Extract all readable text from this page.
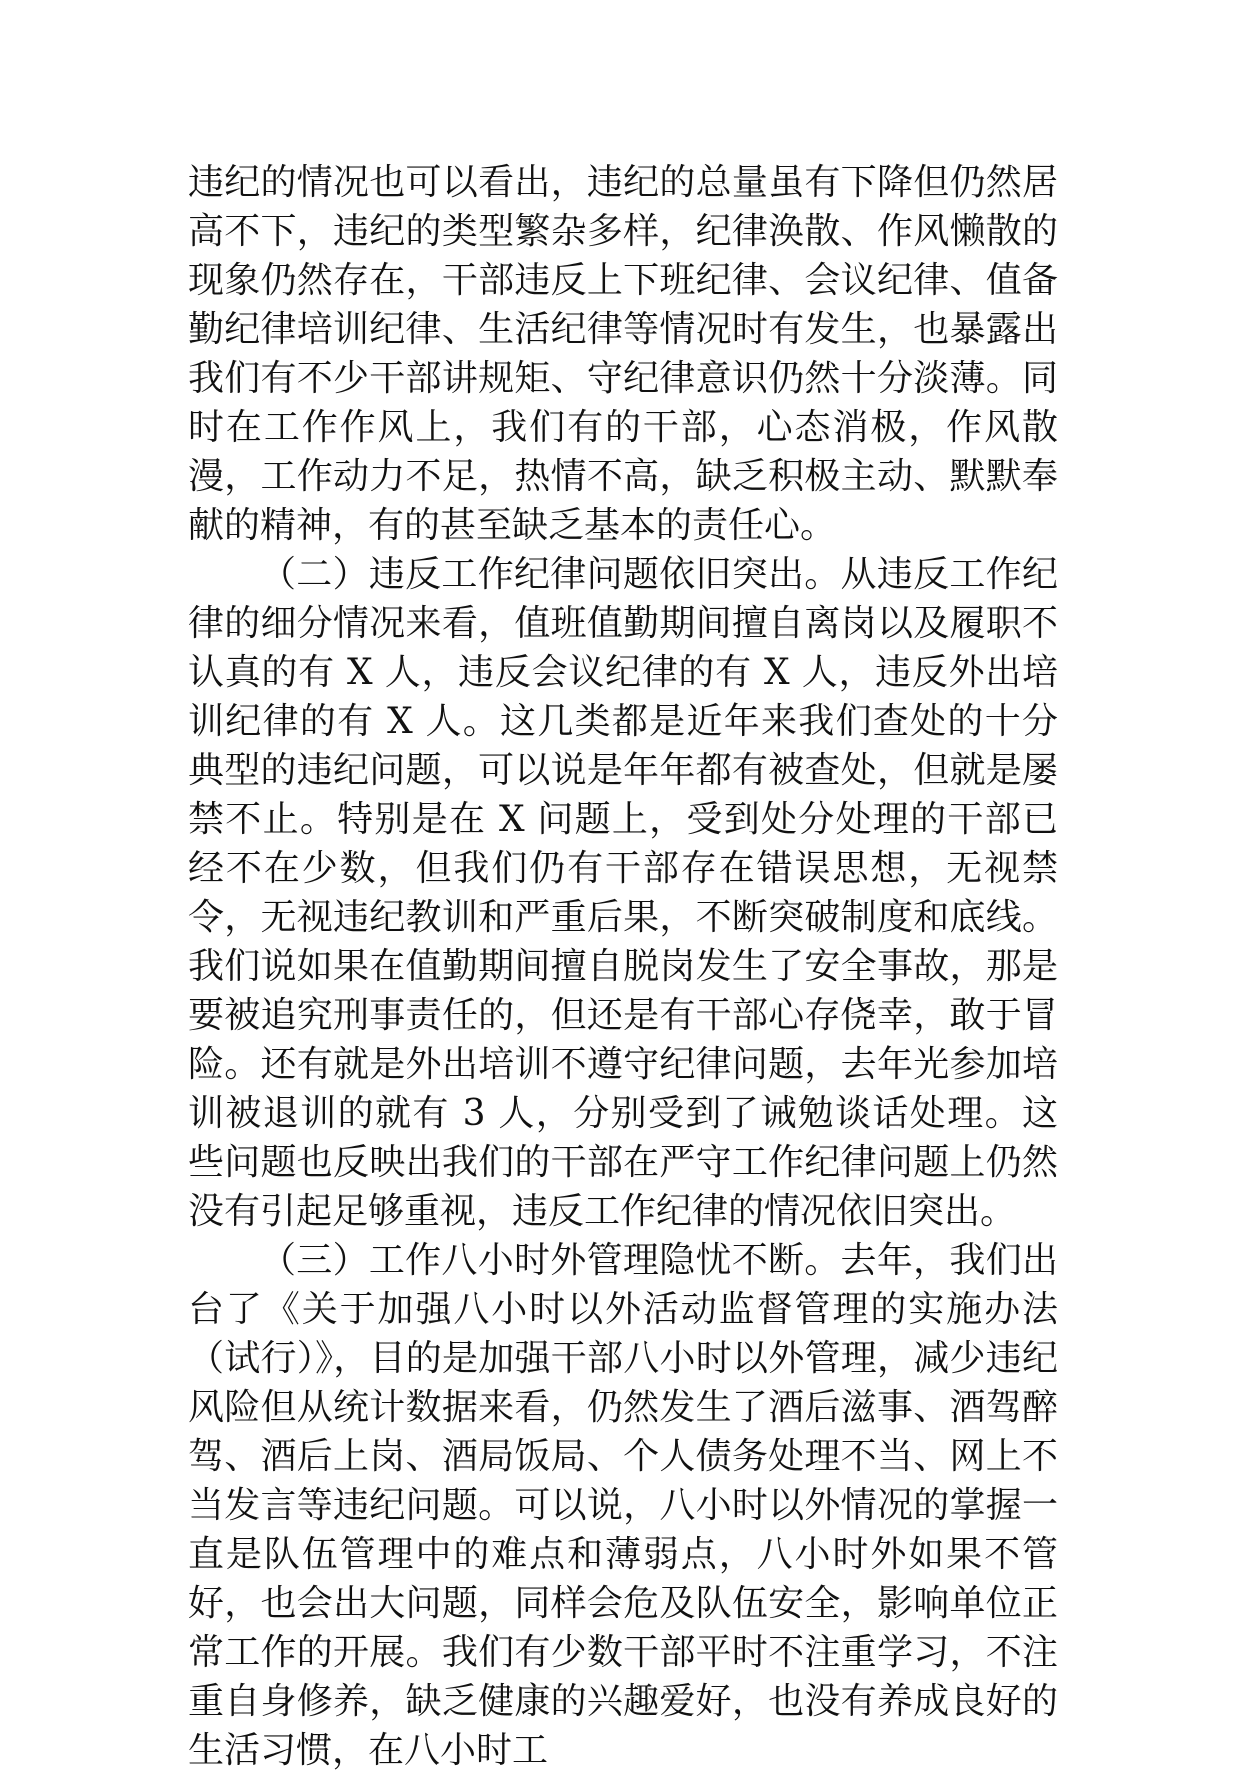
违纪的情况也可以看出，违纪的总量虽有下降但仍然居高不下，违纪的类型繁杂多样，纪律涣散、作风懒散的现象仍然存在，干部违反上下班纪律、会议纪律、值备勤纪律培训纪律、生活纪律等情况时有发生，也暴露出我们有不少干部讲规矩、守纪律意识仍然十分淡薄。同时在工作作风上，我们有的干部，心态消极，作风散漫，工作动力不足，热情不高，缺乏积极主动、默默奉献的精神，有的甚至缺乏基本的责任心。

（二）违反工作纪律问题依旧突出。从违反工作纪律的细分情况来看，值班值勤期间擅自离岗以及履职不认真的有 X 人，违反会议纪律的有 X 人，违反外出培训纪律的有 X 人。这几类都是近年来我们查处的十分典型的违纪问题，可以说是年年都有被查处，但就是屡禁不止。特别是在 X 问题上，受到处分处理的干部已经不在少数，但我们仍有干部存在错误思想，无视禁令，无视违纪教训和严重后果，不断突破制度和底线。我们说如果在值勤期间擅自脱岗发生了安全事故，那是要被追究刑事责任的，但还是有干部心存侥幸，敢于冒险。还有就是外出培训不遵守纪律问题，去年光参加培训被退训的就有 3 人，分别受到了诫勉谈话处理。这些问题也反映出我们的干部在严守工作纪律问题上仍然没有引起足够重视，违反工作纪律的情况依旧突出。

（三）工作八小时外管理隐忧不断。去年，我们出台了《关于加强八小时以外活动监督管理的实施办法（试行）》，目的是加强干部八小时以外管理，减少违纪风险但从统计数据来看，仍然发生了酒后滋事、酒驾醉驾、酒后上岗、酒局饭局、个人债务处理不当、网上不当发言等违纪问题。可以说，八小时以外情况的掌握一直是队伍管理中的难点和薄弱点，八小时外如果不管好，也会出大问题，同样会危及队伍安全，影响单位正常工作的开展。我们有少数干部平时不注重学习，不注重自身修养，缺乏健康的兴趣爱好，也没有养成良好的生活习惯，在八小时工
